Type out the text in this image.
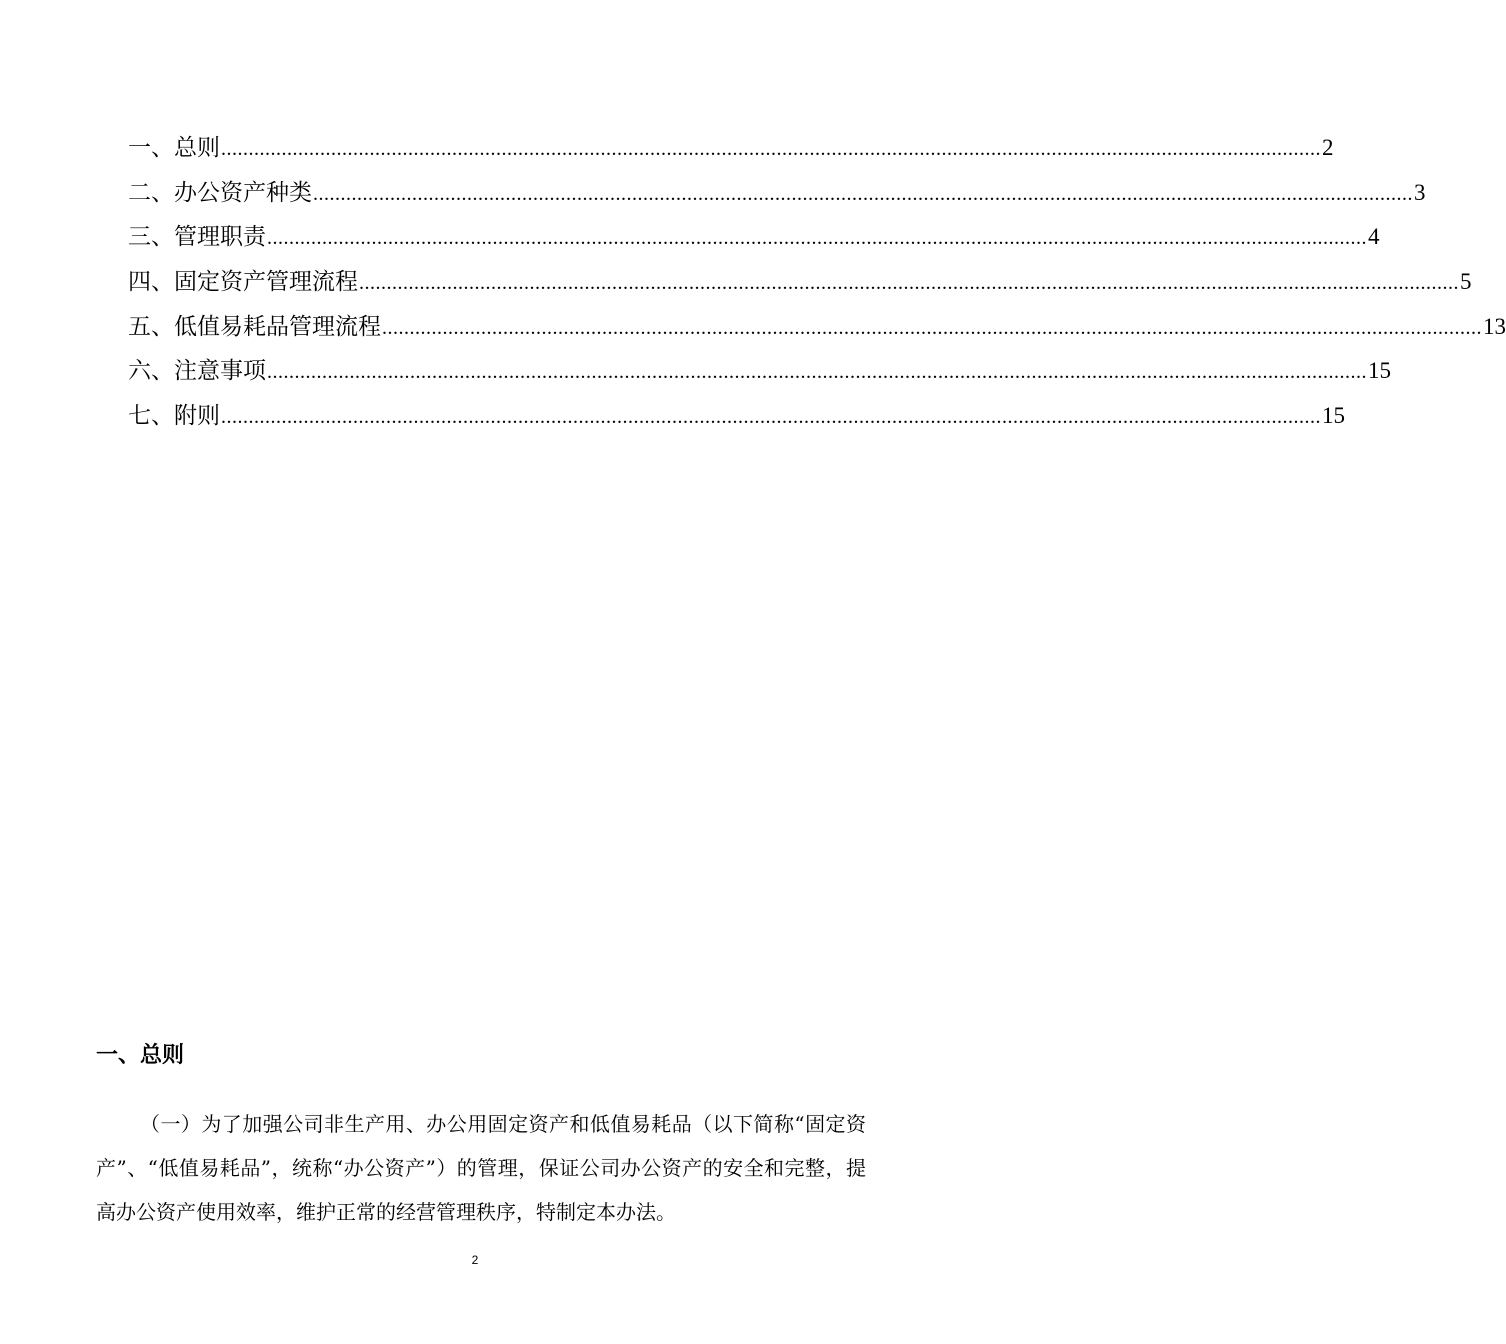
一、总则 ........................................................................................................................................................................................................ 2
二、办公资产种类 ........................................................................................................................................................................................................ 3
三、管理职责 ........................................................................................................................................................................................................ 4
四、固定资产管理流程 ........................................................................................................................................................................................................ 5
五、低值易耗品管理流程 ........................................................................................................................................................................................................ 13
六、注意事项 ........................................................................................................................................................................................................ 15
七、附则 ........................................................................................................................................................................................................ 15
一、总则

（一）为了加强公司非生产用、办公用固定资产和低值易耗品（以下简称“固定资产”、“低值易耗品”，统称“办公资产”）的管理，保证公司办公资产的安全和完整，提高办公资产使用效率，维护正常的经营管理秩序，特制定本办法。

2
